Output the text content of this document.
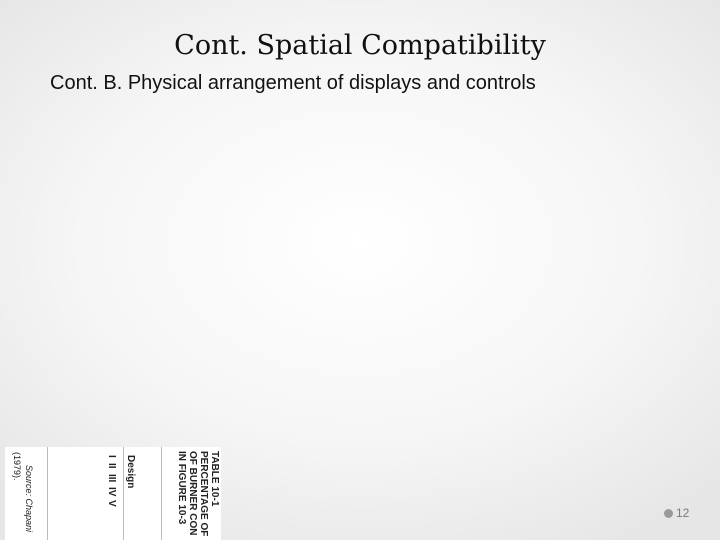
Cont. Spatial Compatibility

Cont. B. Physical arrangement of displays and controls

TABLE 10-1
PERCENTAGE OF
OF BURNER CON
IN FIGURE 10-3
Design
I
II
III
IV
V
Source: Chapani
(1979).
12
